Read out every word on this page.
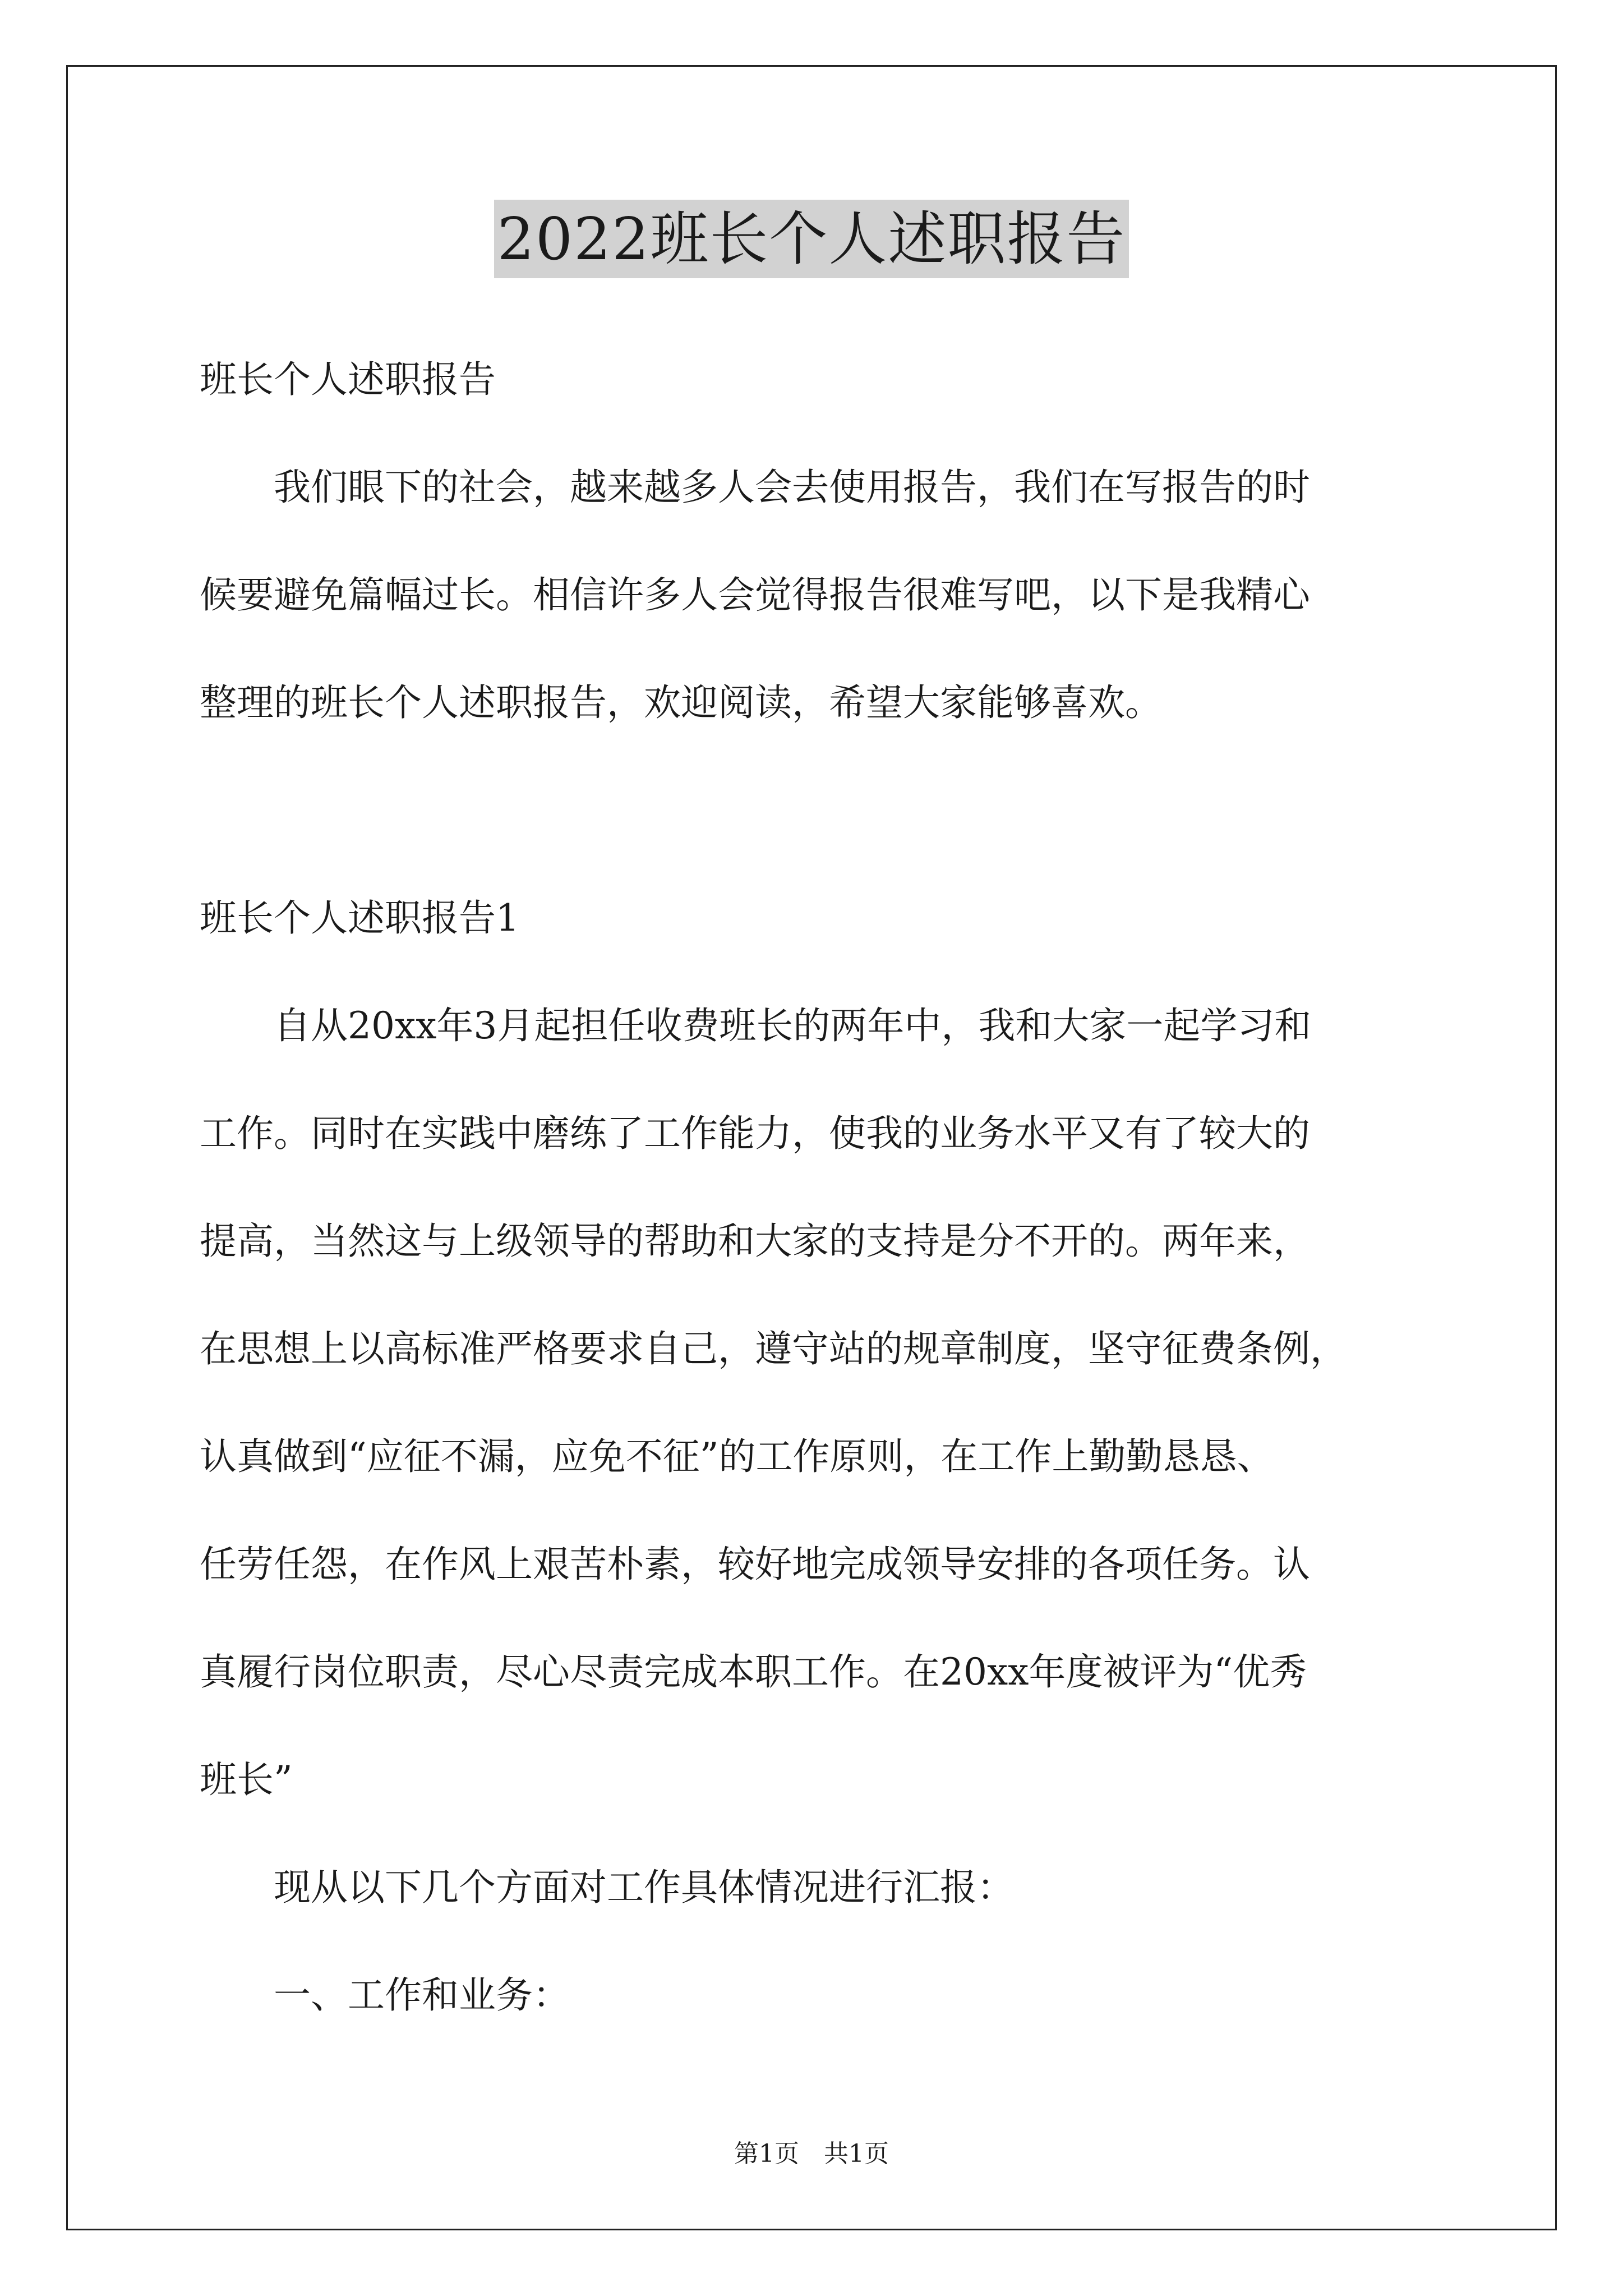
2022班长个人述职报告
班长个人述职报告
　　我们眼下的社会，越来越多人会去使用报告，我们在写报告的时
候要避免篇幅过长。相信许多人会觉得报告很难写吧，以下是我精心
整理的班长个人述职报告，欢迎阅读，希望大家能够喜欢。
班长个人述职报告1
　　自从20xx年3月起担任收费班长的两年中，我和大家一起学习和
工作。同时在实践中磨练了工作能力，使我的业务水平又有了较大的
提高，当然这与上级领导的帮助和大家的支持是分不开的。两年来，
在思想上以高标准严格要求自己，遵守站的规章制度，坚守征费条例，
认真做到“应征不漏，应免不征”的工作原则，在工作上勤勤恳恳、
任劳任怨，在作风上艰苦朴素，较好地完成领导安排的各项任务。认
真履行岗位职责，尽心尽责完成本职工作。在20xx年度被评为“优秀
班长”
　　现从以下几个方面对工作具体情况进行汇报：
　　一、工作和业务：
第1页　共1页
